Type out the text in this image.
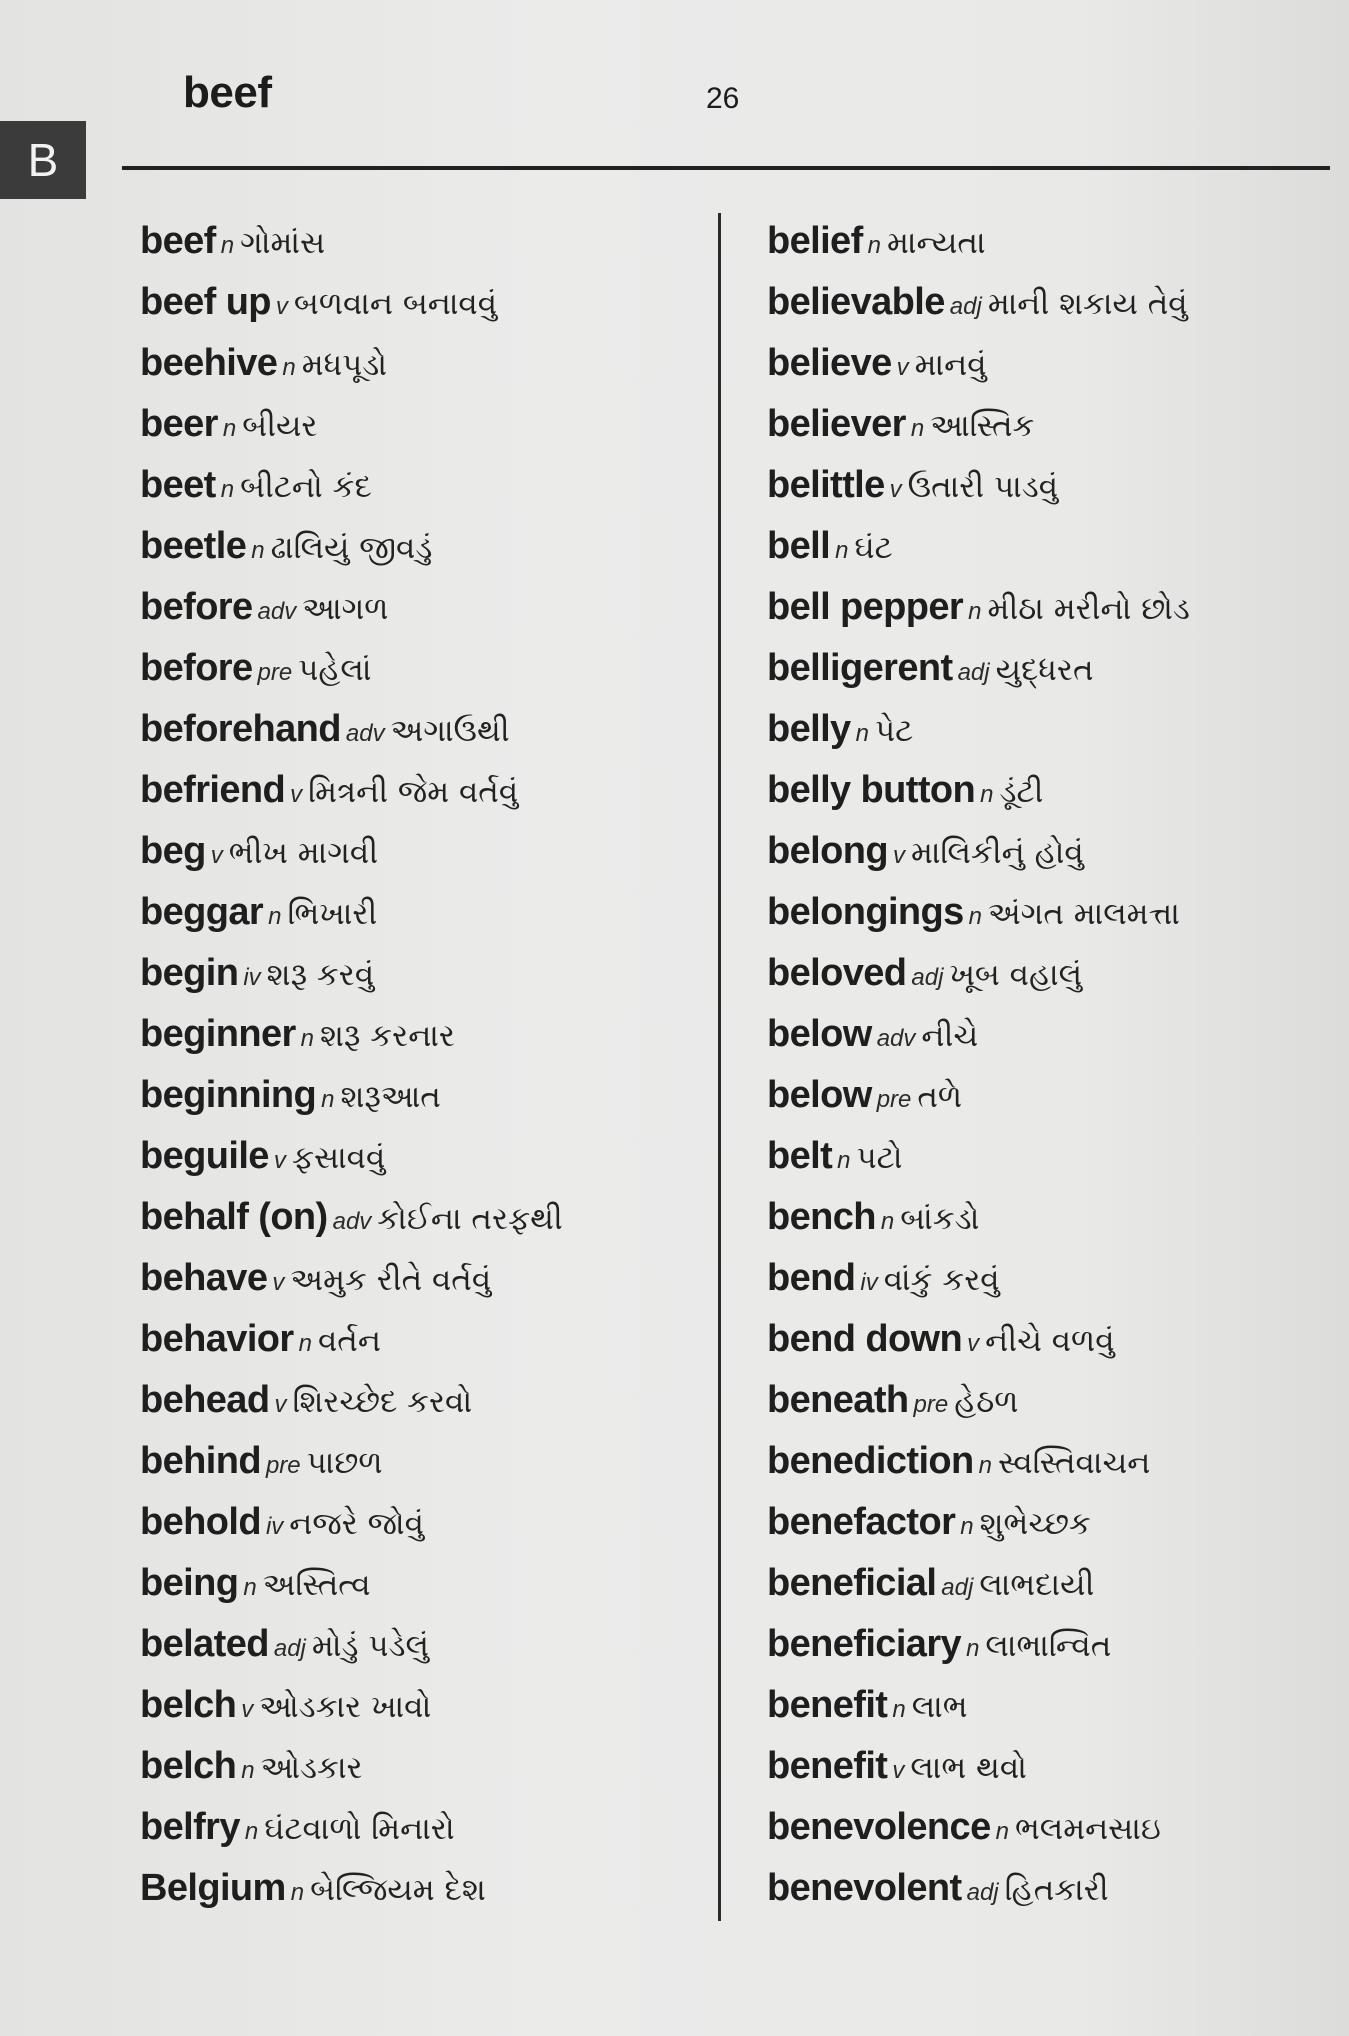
beef	26
B
beef n ગોમાંસ
beef up v બળવાન બનાવવું
beehive n મધપૂડો
beer n બીયર
beet n બીટનો કંદ
beetle n ઢાલિયું જીવડું
before adv આગળ
before pre પહેલાં
beforehand adv અગાઉથી
befriend v મિત્રની જેમ વર્તવું
beg v ભીખ માગવી
beggar n ભિખારી
begin iv શરૂ કરવું
beginner n શરૂ કરનાર
beginning n શરૂઆત
beguile v ફસાવવું
behalf (on) adv કોઈના તરફથી
behave v અમુક રીતે વર્તવું
behavior n વર્તન
behead v શિરચ્છેદ કરવો
behind pre પાછળ
behold iv નજરે જોવું
being n અસ્તિત્વ
belated adj મોડું પડેલું
belch v ઓડકાર ખાવો
belch n ઓડકાર
belfry n ઘંટવાળો મિનારો
Belgium n બેલ્જિયમ દેશ
belief n માન્યતા
believable adj માની શકાય તેવું
believe v માનવું
believer n આસ્તિક
belittle v ઉતારી પાડવું
bell n ઘંટ
bell pepper n મીઠા મરીનો છોડ
belligerent adj યુદ્ધરત
belly n પેટ
belly button n ડૂંટી
belong v માલિકીનું હોવું
belongings n અંગત માલમત્તા
beloved adj ખૂબ વહાલું
below adv નીચે
below pre તળે
belt n પટો
bench n બાંકડો
bend iv વાંકું કરવું
bend down v નીચે વળવું
beneath pre હેઠળ
benediction n સ્વસ્તિવાચન
benefactor n શુભેચ્છક
beneficial adj લાભદાયી
beneficiary n લાભાન્વિત
benefit n લાભ
benefit v લાભ થવો
benevolence n ભલમનસાઇ
benevolent adj હિતકારી
